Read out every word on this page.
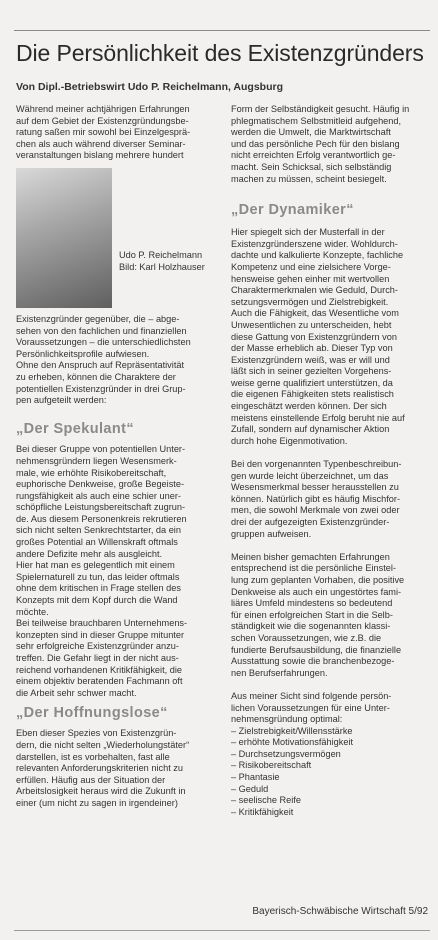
Die Persönlichkeit des Existenzgründers
Von Dipl.-Betriebswirt Udo P. Reichelmann, Augsburg

Während meiner achtjährigen Erfahrungen
auf dem Gebiet der Existenzgründungsbe-
ratung saßen mir sowohl bei Einzelgesprä-
chen als auch während diverser Seminar-
veranstaltungen bislang mehrere hundert

Udo P. Reichelmann
Bild: Karl Holzhauser

Existenzgründer gegenüber, die – abge-
sehen von den fachlichen und finanziellen
Voraussetzungen – die unterschiedlichsten
Persönlichkeitsprofile aufwiesen.
Ohne den Anspruch auf Repräsentativität
zu erheben, können die Charaktere der
potentiellen Existenzgründer in drei Grup-
pen aufgeteilt werden:

„Der Spekulant“

Bei dieser Gruppe von potentiellen Unter-
nehmensgründern liegen Wesensmerk-
male, wie erhöhte Risikobereitschaft,
euphorische Denkweise, große Begeiste-
rungsfähigkeit als auch eine schier uner-
schöpfliche Leistungsbereitschaft zugrun-
de. Aus diesem Personenkreis rekrutieren
sich nicht selten Senkrechtstarter, da ein
großes Potential an Willenskraft oftmals
andere Defizite mehr als ausgleicht.
Hier hat man es gelegentlich mit einem
Spielernaturell zu tun, das leider oftmals
ohne dem kritischen in Frage stellen des
Konzepts mit dem Kopf durch die Wand
möchte.

Bei teilweise brauchbaren Unternehmens-
konzepten sind in dieser Gruppe mitunter
sehr erfolgreiche Existenzgründer anzu-
treffen. Die Gefahr liegt in der nicht aus-
reichend vorhandenen Kritikfähigkeit, die
einem objektiv beratenden Fachmann oft
die Arbeit sehr schwer macht.

„Der Hoffnungslose“

Eben dieser Spezies von Existenzgrün-
dern, die nicht selten „Wiederholungstäter“
darstellen, ist es vorbehalten, fast alle
relevanten Anforderungskriterien nicht zu
erfüllen. Häufig aus der Situation der
Arbeitslosigkeit heraus wird die Zukunft in
einer (um nicht zu sagen in irgendeiner)

Form der Selbständigkeit gesucht. Häufig in
phlegmatischem Selbstmitleid aufgehend,
werden die Umwelt, die Marktwirtschaft
und das persönliche Pech für den bislang
nicht erreichten Erfolg verantwortlich ge-
macht. Sein Schicksal, sich selbständig
machen zu müssen, scheint besiegelt.

„Der Dynamiker“

Hier spiegelt sich der Musterfall in der
Existenzgründerszene wider. Wohldurch-
dachte und kalkulierte Konzepte, fachliche
Kompetenz und eine zielsichere Vorge-
hensweise gehen einher mit wertvollen
Charaktermerkmalen wie Geduld, Durch-
setzungsvermögen und Zielstrebigkeit.
Auch die Fähigkeit, das Wesentliche vom
Unwesentlichen zu unterscheiden, hebt
diese Gattung von Existenzgründern von
der Masse erheblich ab. Dieser Typ von
Existenzgründern weiß, was er will und
läßt sich in seiner gezielten Vorgehens-
weise gerne qualifiziert unterstützen, da
die eigenen Fähigkeiten stets realistisch
eingeschätzt werden können. Der sich
meistens einstellende Erfolg beruht nie auf
Zufall, sondern auf dynamischer Aktion
durch hohe Eigenmotivation.

Bei den vorgenannten Typenbeschreibun-
gen wurde leicht überzeichnet, um das
Wesensmerkmal besser herausstellen zu
können. Natürlich gibt es häufig Mischfor-
men, die sowohl Merkmale von zwei oder
drei der aufgezeigten Existenzgründer-
gruppen aufweisen.

Meinen bisher gemachten Erfahrungen
entsprechend ist die persönliche Einstel-
lung zum geplanten Vorhaben, die positive
Denkweise als auch ein ungestörtes fami-
liäres Umfeld mindestens so bedeutend
für einen erfolgreichen Start in die Selb-
ständigkeit wie die sogenannten klassi-
schen Voraussetzungen, wie z.B. die
fundierte Berufsausbildung, die finanzielle
Ausstattung sowie die branchenbezoge-
nen Berufserfahrungen.

Aus meiner Sicht sind folgende persön-
lichen Voraussetzungen für eine Unter-
nehmensgründung optimal:

– Zielstrebigkeit/Willensstärke
– erhöhte Motivationsfähigkeit
– Durchsetzungsvermögen
– Risikobereitschaft
– Phantasie
– Geduld
– seelische Reife
– Kritikfähigkeit

Bayerisch-Schwäbische Wirtschaft 5/92
